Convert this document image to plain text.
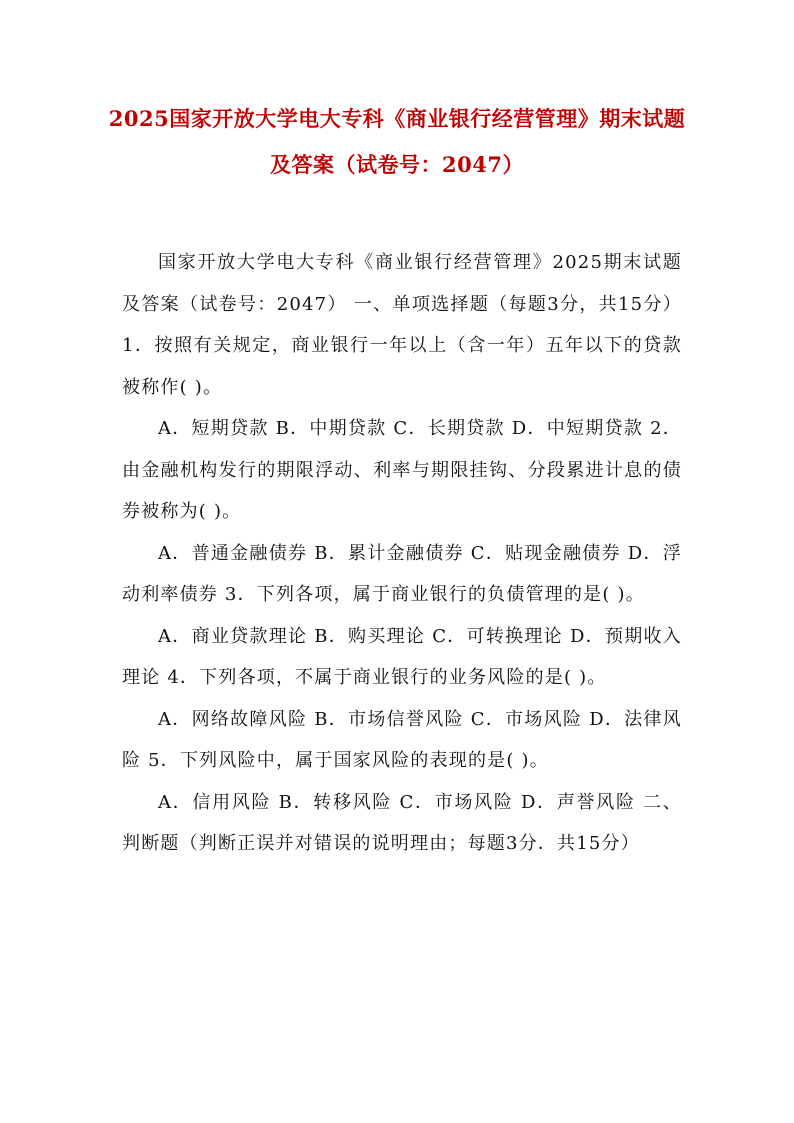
2025国家开放大学电大专科《商业银行经营管理》期末试题及答案（试卷号：2047）

国家开放大学电大专科《商业银行经营管理》2025期末试题及答案（试卷号：2047） 一、单项选择题（每题3分，共15分） 1．按照有关规定，商业银行一年以上（含一年）五年以下的贷款被称作( )。

A．短期贷款 B．中期贷款 C．长期贷款 D．中短期贷款 2．由金融机构发行的期限浮动、利率与期限挂钩、分段累进计息的债券被称为( )。

A．普通金融债券 B．累计金融债券 C．贴现金融债券 D．浮动利率债券 3．下列各项，属于商业银行的负债管理的是( )。

A．商业贷款理论 B．购买理论 C．可转换理论 D．预期收入理论 4．下列各项，不属于商业银行的业务风险的是( )。

A．网络故障风险 B．市场信誉风险 C．市场风险 D．法律风险 5．下列风险中，属于国家风险的表现的是( )。

A．信用风险 B．转移风险 C．市场风险 D．声誉风险 二、判断题（判断正误并对错误的说明理由；每题3分．共15分）
